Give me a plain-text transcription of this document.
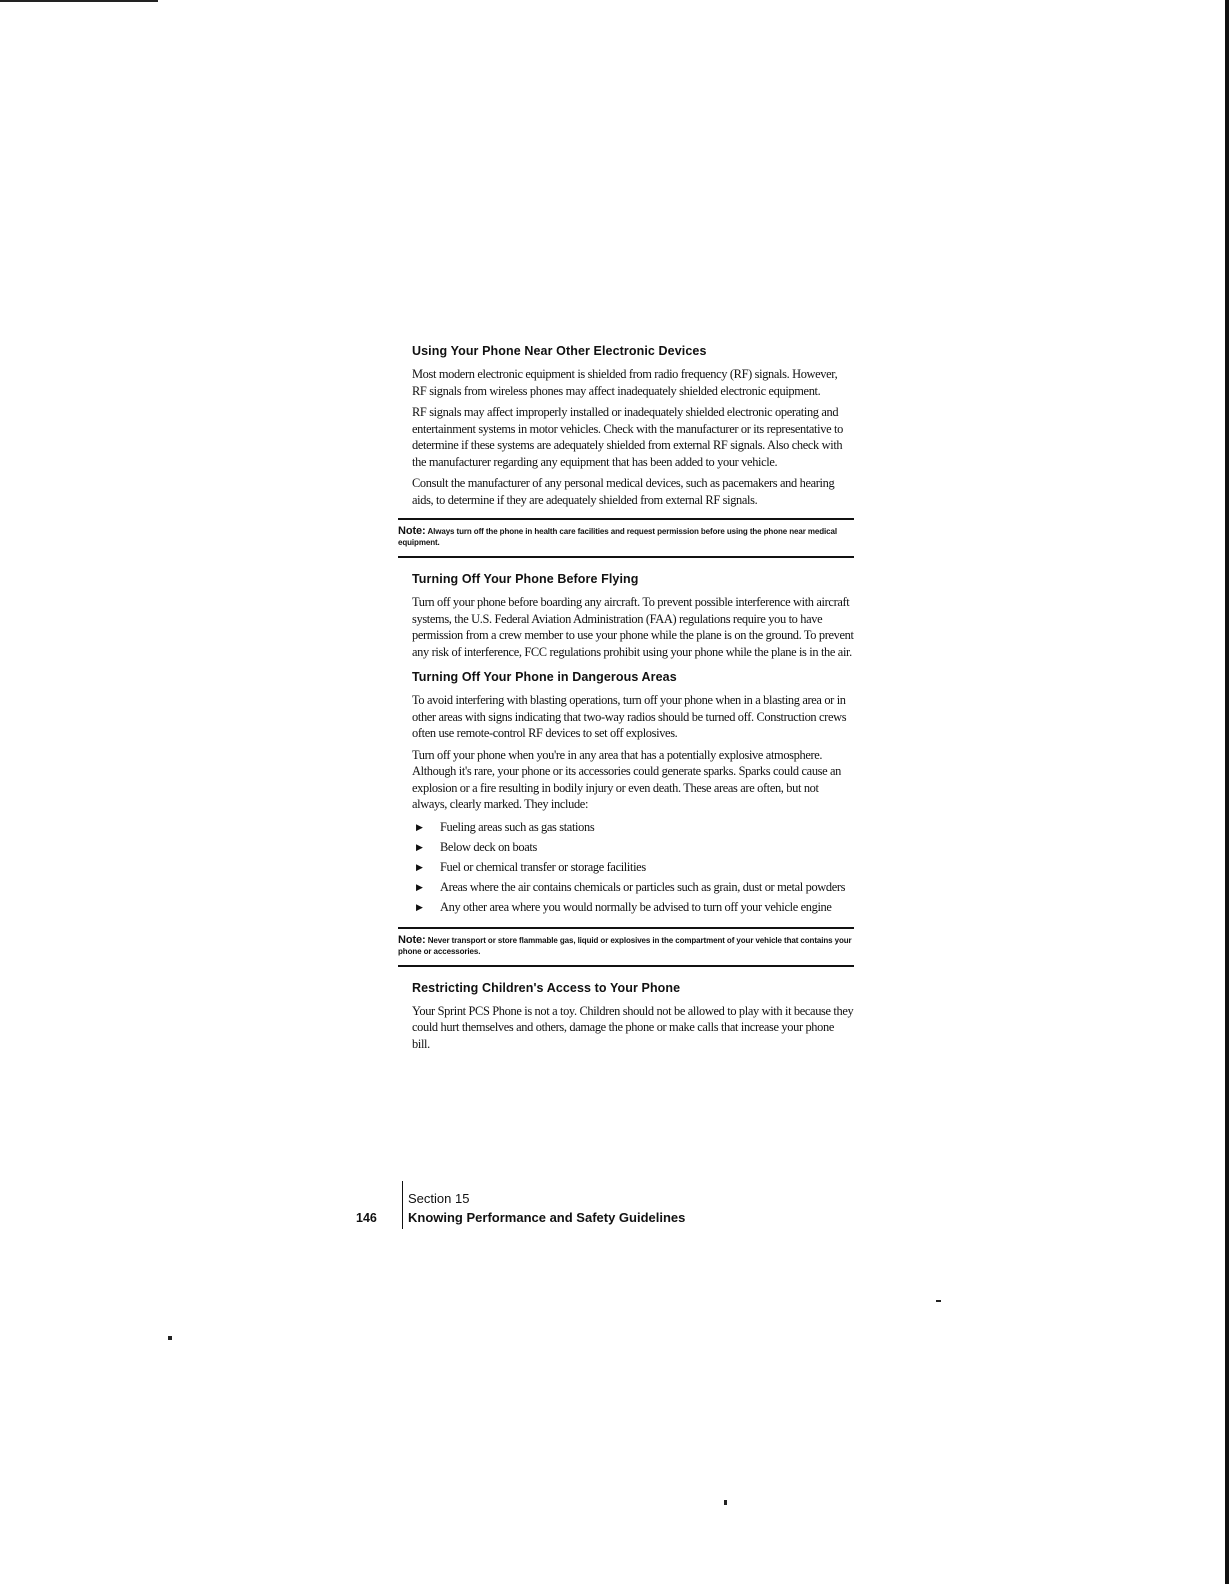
Using Your Phone Near Other Electronic Devices

Most modern electronic equipment is shielded from radio frequency (RF) signals. However, RF signals from wireless phones may affect inadequately shielded electronic equipment.

RF signals may affect improperly installed or inadequately shielded electronic operating and entertainment systems in motor vehicles. Check with the manufacturer or its representative to determine if these systems are adequately shielded from external RF signals. Also check with the manufacturer regarding any equipment that has been added to your vehicle.

Consult the manufacturer of any personal medical devices, such as pacemakers and hearing aids, to determine if they are adequately shielded from external RF signals.

Note: Always turn off the phone in health care facilities and request permission before using the phone near medical equipment.
Turning Off Your Phone Before Flying

Turn off your phone before boarding any aircraft. To prevent possible interference with aircraft systems, the U.S. Federal Aviation Administration (FAA) regulations require you to have permission from a crew member to use your phone while the plane is on the ground. To prevent any risk of interference, FCC regulations prohibit using your phone while the plane is in the air.

Turning Off Your Phone in Dangerous Areas

To avoid interfering with blasting operations, turn off your phone when in a blasting area or in other areas with signs indicating that two-way radios should be turned off. Construction crews often use remote-control RF devices to set off explosives.

Turn off your phone when you're in any area that has a potentially explosive atmosphere. Although it's rare, your phone or its accessories could generate sparks. Sparks could cause an explosion or a fire resulting in bodily injury or even death. These areas are often, but not always, clearly marked. They include:

▶ Fueling areas such as gas stations
▶ Below deck on boats
▶ Fuel or chemical transfer or storage facilities
▶ Areas where the air contains chemicals or particles such as grain, dust or metal powders
▶ Any other area where you would normally be advised to turn off your vehicle engine
Note: Never transport or store flammable gas, liquid or explosives in the compartment of your vehicle that contains your phone or accessories.
Restricting Children's Access to Your Phone

Your Sprint PCS Phone is not a toy. Children should not be allowed to play with it because they could hurt themselves and others, damage the phone or make calls that increase your phone bill.

146
Section 15
Knowing Performance and Safety Guidelines
